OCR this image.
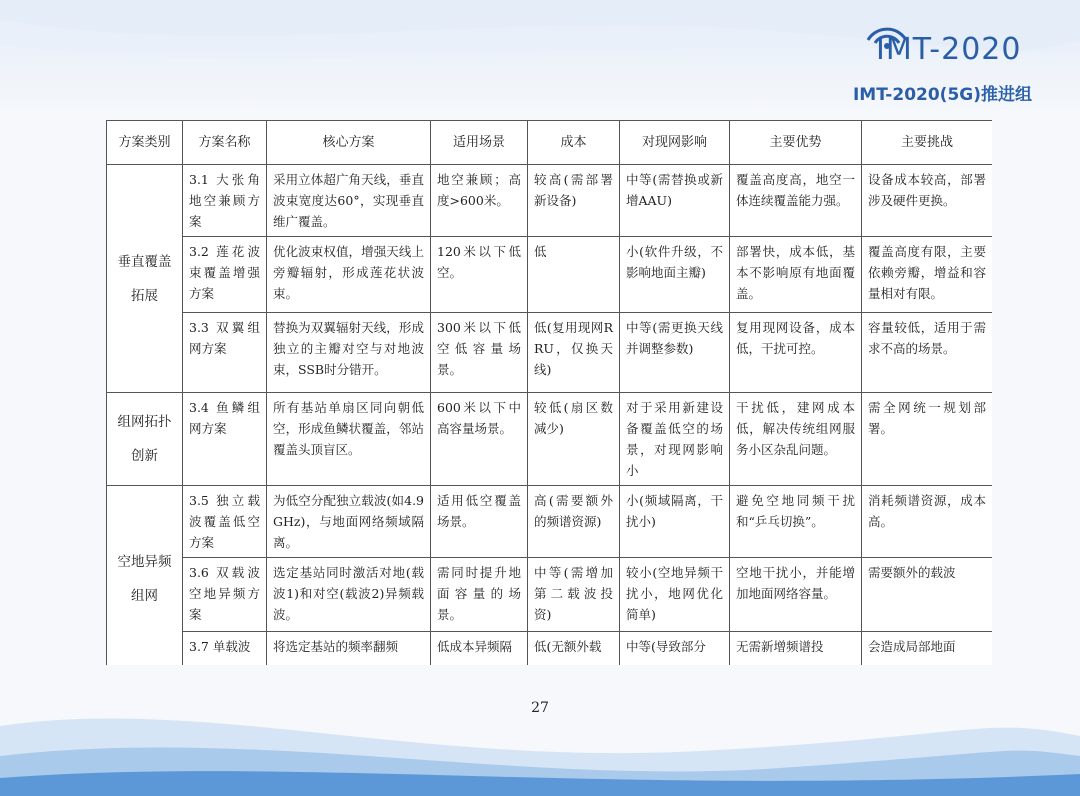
IMT-2020
IMT-2020(5G)推进组
方案类别	方案名称	核心方案	适用场景	成本	对现网影响	主要优势	主要挑战
垂直覆盖拓展	3.1 大张角地空兼顾方案	采用立体超广角天线，垂直波束宽度达60°，实现垂直维广覆盖。	地空兼顾；高度>600米。	较高(需部署新设备)	中等(需替换或新增AAU)	覆盖高度高，地空一体连续覆盖能力强。	设备成本较高，部署涉及硬件更换。
	3.2 莲花波束覆盖增强方案	优化波束权值，增强天线上旁瓣辐射，形成莲花状波束。	120米以下低空。	低	小(软件升级，不影响地面主瓣)	部署快，成本低，基本不影响原有地面覆盖。	覆盖高度有限，主要依赖旁瓣，增益和容量相对有限。
	3.3 双翼组网方案	替换为双翼辐射天线，形成独立的主瓣对空与对地波束，SSB时分错开。	300米以下低空低容量场景。	低(复用现网RRU，仅换天线)	中等(需更换天线并调整参数)	复用现网设备，成本低，干扰可控。	容量较低，适用于需求不高的场景。
组网拓扑创新	3.4 鱼鳞组网方案	所有基站单扇区同向朝低空，形成鱼鳞状覆盖，邻站覆盖头顶盲区。	600米以下中高容量场景。	较低(扇区数减少)	对于采用新建设备覆盖低空的场景，对现网影响小	干扰低，建网成本低，解决传统组网服务小区杂乱问题。	需全网统一规划部署。
空地异频组网	3.5 独立载波覆盖低空方案	为低空分配独立载波(如4.9GHz)，与地面网络频域隔离。	适用低空覆盖场景。	高(需要额外的频谱资源)	小(频域隔离，干扰小)	避免空地同频干扰和“乒乓切换”。	消耗频谱资源，成本高。
	3.6 双载波空地异频方案	选定基站同时激活对地(载波1)和对空(载波2)异频载波。	需同时提升地面容量的场景。	中等(需增加第二载波投资)	较小(空地异频干扰小，地网优化简单)	空地干扰小，并能增加地面网络容量。	需要额外的载波
	3.7 单载波	将选定基站的频率翻频	低成本异频隔	低(无额外载	中等(导致部分	无需新增频谱投	会造成局部地面
27
